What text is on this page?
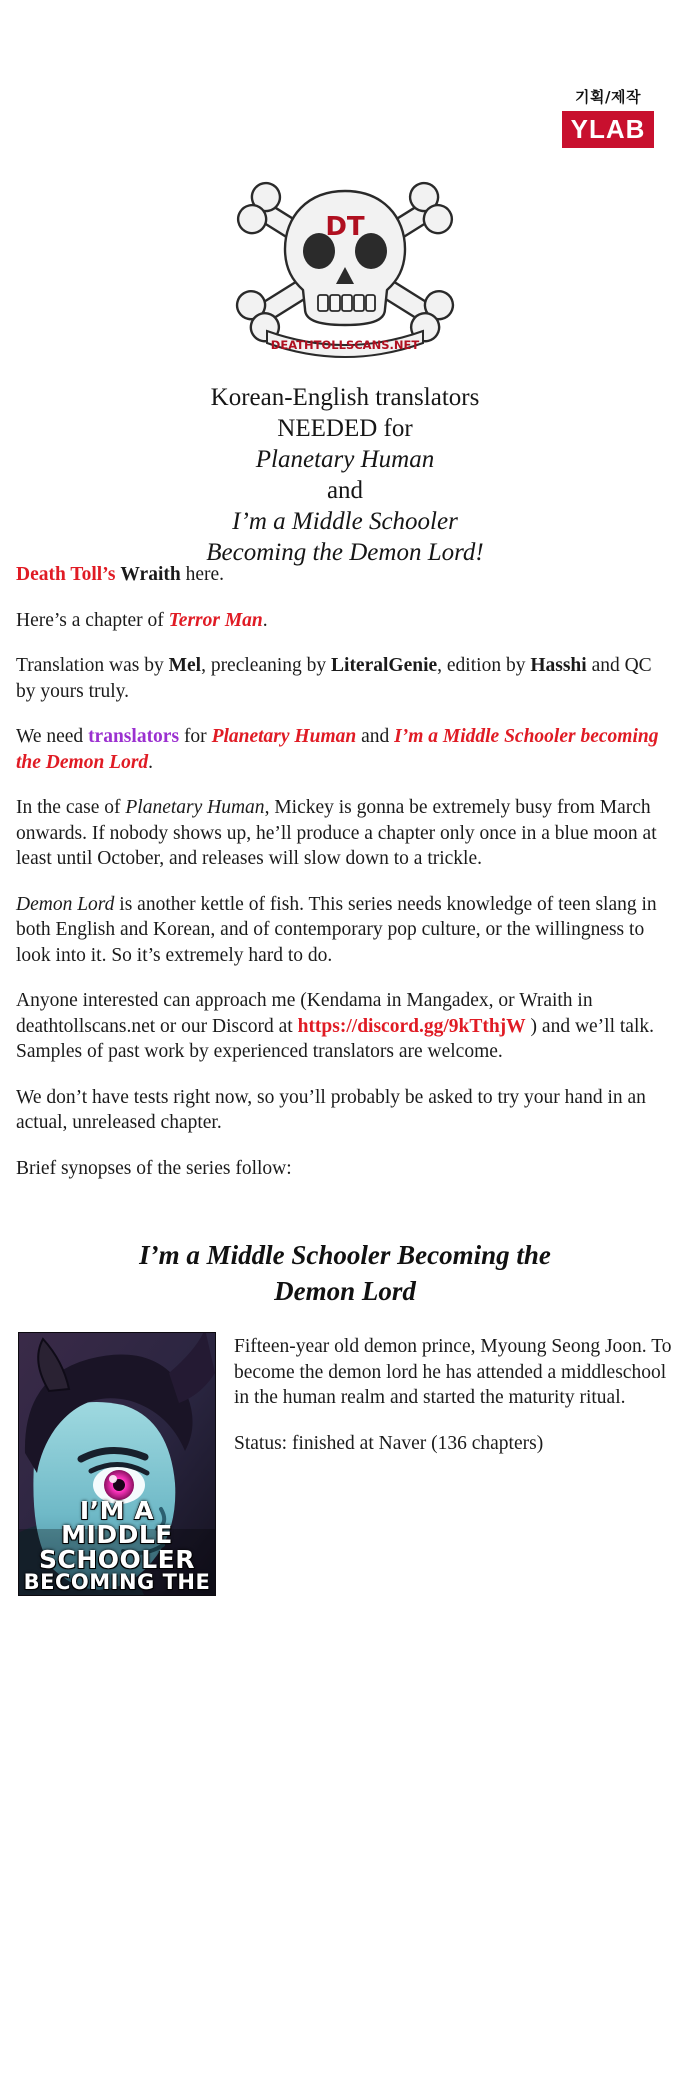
기획/제작
YLAB
DT
DEATHTOLLSCANS.NET
Korean-English translators
NEEDED for
Planetary Human
and
I’m a Middle Schooler
Becoming the Demon Lord!

Death Toll’s Wraith here.

Here’s a chapter of Terror Man.

Translation was by Mel, precleaning by LiteralGenie, edition by Hasshi and QC by yours truly.

We need translators for Planetary Human and I’m a Middle Schooler becoming the Demon Lord.

In the case of Planetary Human, Mickey is gonna be extremely busy from March onwards. If nobody shows up, he’ll produce a chapter only once in a blue moon at least until October, and releases will slow down to a trickle.

Demon Lord is another kettle of fish. This series needs knowledge of teen slang in both English and Korean, and of contemporary pop culture, or the willingness to look into it. So it’s extremely hard to do.

Anyone interested can approach me (Kendama in Mangadex, or Wraith in deathtollscans.net or our Discord at https://discord.gg/9kTthjW ) and we’ll talk. Samples of past work by experienced translators are welcome.

We don’t have tests right now, so you’ll probably be asked to try your hand in an actual, unreleased chapter.

Brief synopses of the series follow:

I’m a Middle Schooler Becoming the
Demon Lord
I’M A
MIDDLE SCHOOLER
BECOMING THE

Fifteen-year old demon prince, Myoung Seong Joon. To become the demon lord he has attended a middleschool in the human realm and started the maturity ritual.

Status: finished at Naver (136 chapters)
